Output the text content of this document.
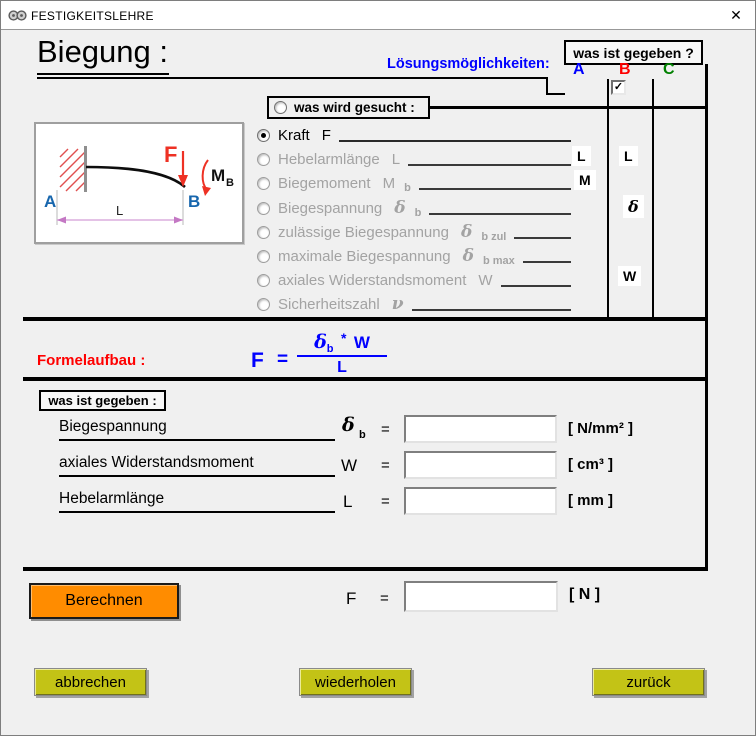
FESTIGKEITSLEHRE	✕
Biegung :	was ist gegeben ?
Lösungsmöglichkeiten: A B C
✓
was wird gesucht :
Kraft F
Hebelarmlänge L
Biegemoment M b
Biegespannung δ b
zulässige Biegespannung δ b zul
maximale Biegespannung δ b max
axiales Widerstandsmoment W
Sicherheitszahl ν
L
M
L
δ
W
F
M B
A	B
L
Formelaufbau :	$F = \frac{\delta_b * W}{L}$
was ist gegeben :
Biegespannung	δ b =	[ N/mm² ]
axiales Widerstandsmoment	W =	[ cm³ ]
Hebelarmlänge	L =	[ mm ]
Berechnen	F =	[ N ]
abbrechen	wiederholen	zurück
